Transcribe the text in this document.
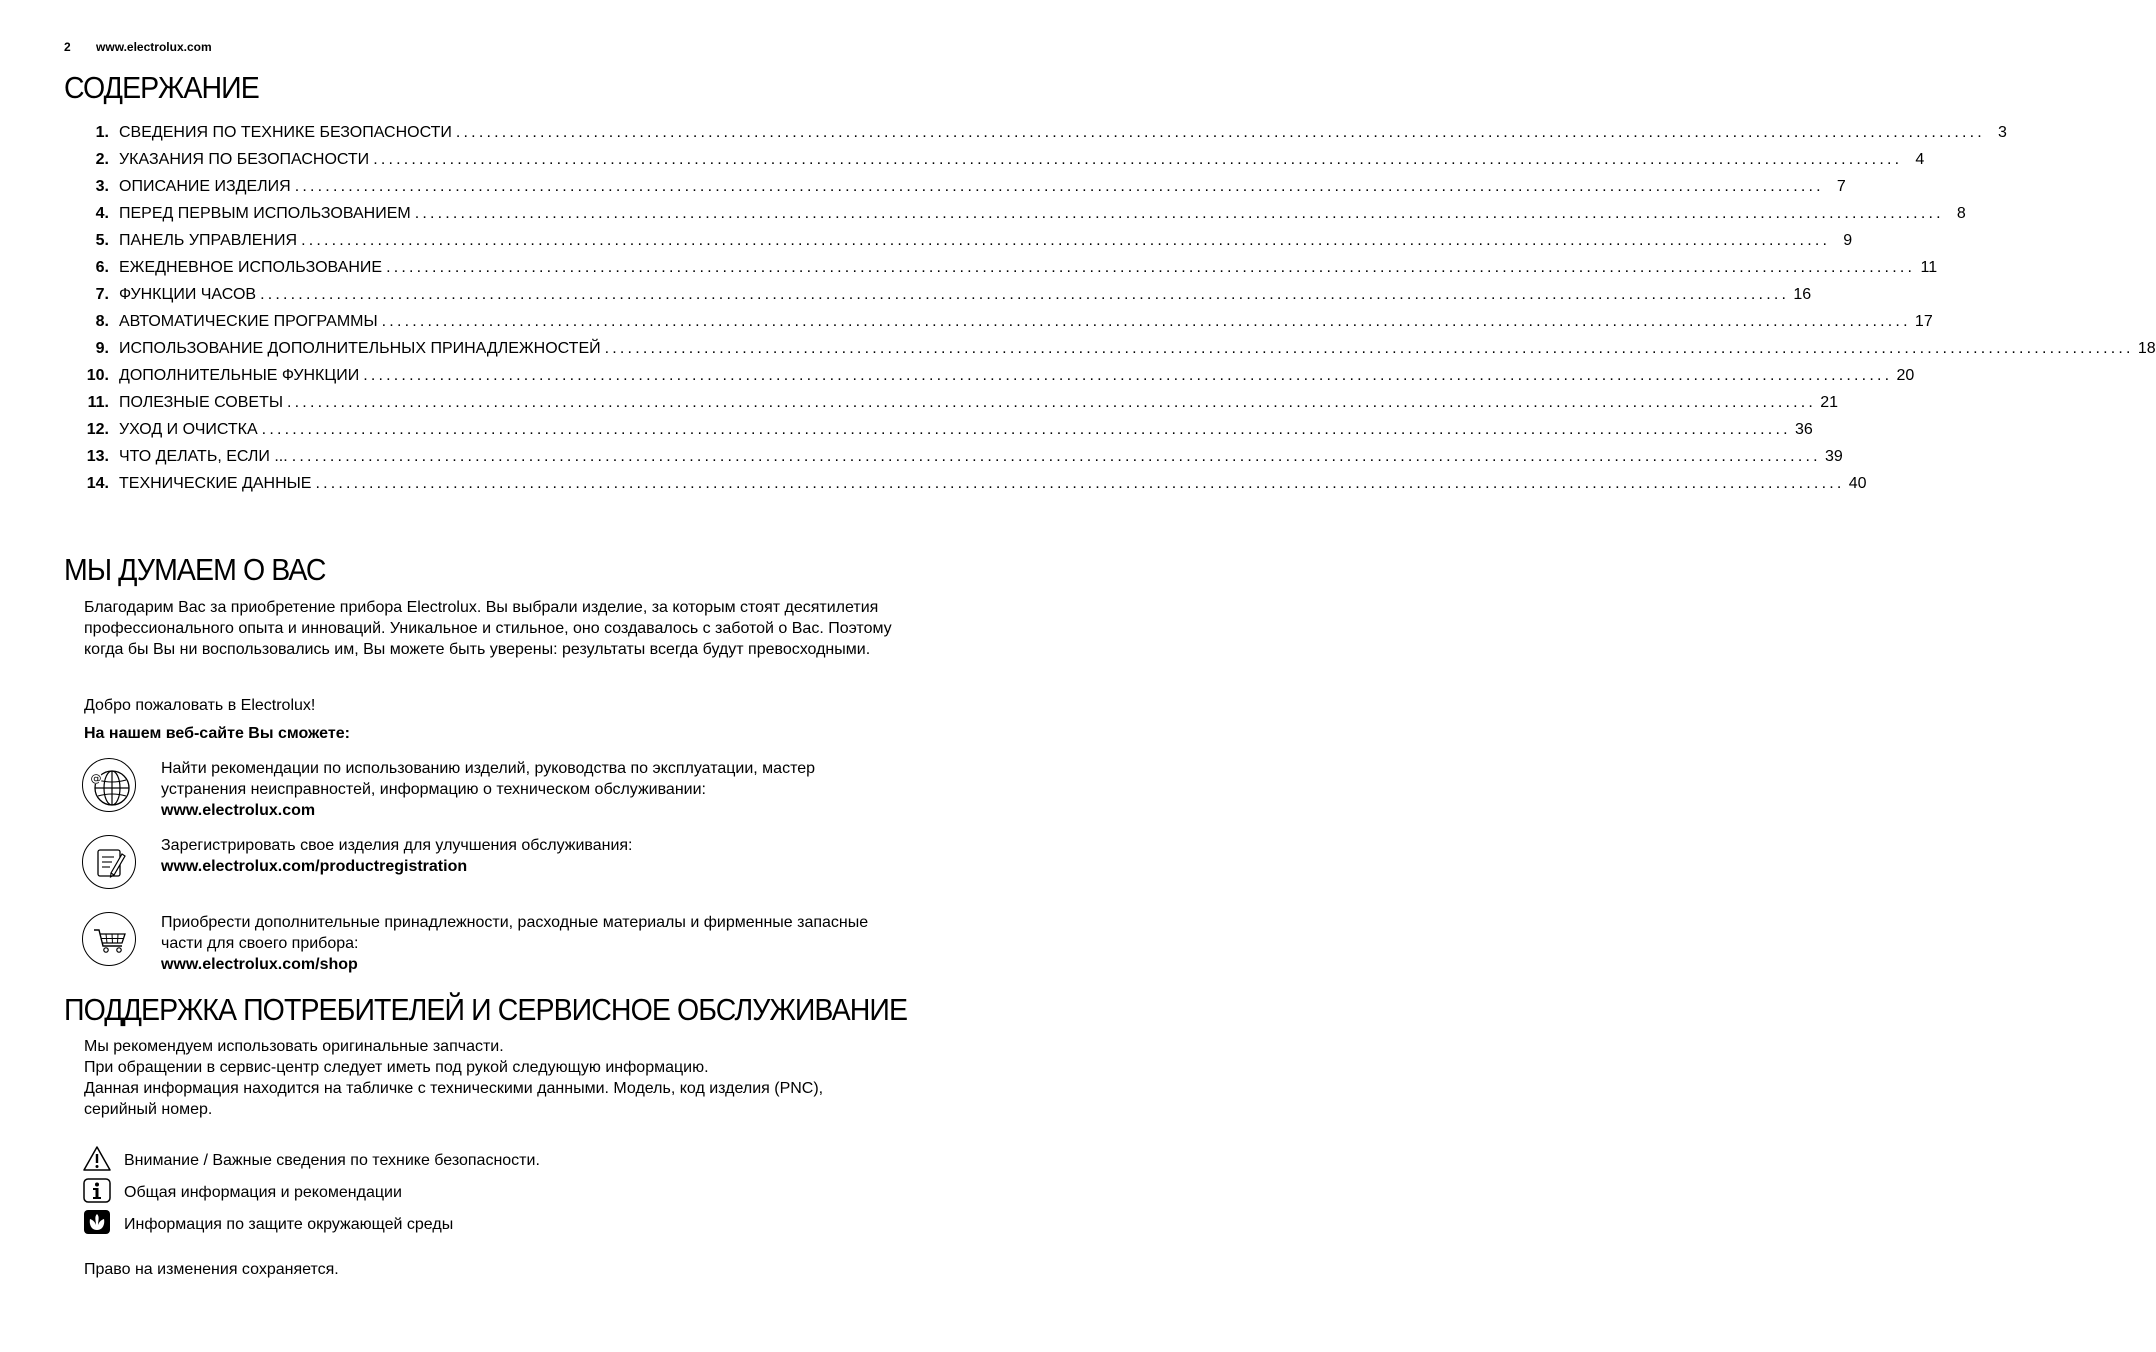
2 www.electrolux.com
СОДЕРЖАНИЕ
1. СВЕДЕНИЯ ПО ТЕХНИКЕ БЕЗОПАСНОСТИ ........................................................................................................................................................................................................ 3
2. УКАЗАНИЯ ПО БЕЗОПАСНОСТИ ........................................................................................................................................................................................................ 4
3. ОПИСАНИЕ ИЗДЕЛИЯ ........................................................................................................................................................................................................ 7
4. ПЕРЕД ПЕРВЫМ ИСПОЛЬЗОВАНИЕМ ........................................................................................................................................................................................................ 8
5. ПАНЕЛЬ УПРАВЛЕНИЯ ........................................................................................................................................................................................................ 9
6. ЕЖЕДНЕВНОЕ ИСПОЛЬЗОВАНИЕ ........................................................................................................................................................................................................ 11
7. ФУНКЦИИ ЧАСОВ ........................................................................................................................................................................................................ 16
8. АВТОМАТИЧЕСКИЕ ПРОГРАММЫ ........................................................................................................................................................................................................ 17
9. ИСПОЛЬЗОВАНИЕ ДОПОЛНИТЕЛЬНЫХ ПРИНАДЛЕЖНОСТЕЙ ........................................................................................................................................................................................................ 18
10. ДОПОЛНИТЕЛЬНЫЕ ФУНКЦИИ ........................................................................................................................................................................................................ 20
11. ПОЛЕЗНЫЕ СОВЕТЫ ........................................................................................................................................................................................................ 21
12. УХОД И ОЧИСТКА ........................................................................................................................................................................................................ 36
13. ЧТО ДЕЛАТЬ, ЕСЛИ ... ........................................................................................................................................................................................................ 39
14. ТЕХНИЧЕСКИЕ ДАННЫЕ ........................................................................................................................................................................................................ 40
МЫ ДУМАЕМ О ВАС
Благодарим Вас за приобретение прибора Electrolux. Вы выбрали изделие, за которым стоят десятилетия профессионального опыта и инноваций. Уникальное и стильное, оно создавалось с заботой о Вас. Поэтому когда бы Вы ни воспользовались им, Вы можете быть уверены: результаты всегда будут превосходными.
Добро пожаловать в Electrolux!
На нашем веб-сайте Вы сможете:
@
Найти рекомендации по использованию изделий, руководства по эксплуатации, мастер устранения неисправностей, информацию о техническом обслуживании:
www.electrolux.com
Зарегистрировать свое изделия для улучшения обслуживания:
www.electrolux.com/productregistration
Приобрести дополнительные принадлежности, расходные материалы и фирменные запасные части для своего прибора:
www.electrolux.com/shop
ПОДДЕРЖКА ПОТРЕБИТЕЛЕЙ И СЕРВИСНОЕ ОБСЛУЖИВАНИЕ
Мы рекомендуем использовать оригинальные запчасти.
При обращении в сервис-центр следует иметь под рукой следующую информацию.
Данная информация находится на табличке с техническими данными. Модель, код изделия (PNC), серийный номер.
Внимание / Важные сведения по технике безопасности.
Общая информация и рекомендации
Информация по защите окружающей среды
Право на изменения сохраняется.
